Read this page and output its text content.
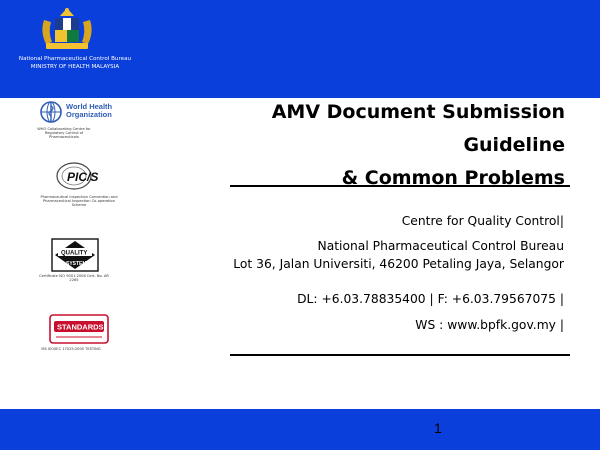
National Pharmaceutical Control Bureau
MINISTRY OF HEALTH MALAYSIA
World Health
Organization
WHO Collaborating Centre for Regulatory Control of Pharmaceuticals
PIC/S
Pharmaceutical Inspection Convention and Pharmaceutical Inspection Co-operation Scheme
QUALITY
SYSTEM
Certificate ISO 9001:2008 Cert. No. AR 2265
STANDARDS
MS ISO/IEC 17025:2005 TESTING
AMV Document Submission Guideline
& Common Problems
Centre for Quality Control|
National Pharmaceutical Control Bureau
Lot 36, Jalan Universiti, 46200 Petaling Jaya, Selangor
DL: +6.03.78835400 | F: +6.03.79567075 |
WS : www.bpfk.gov.my |
1
